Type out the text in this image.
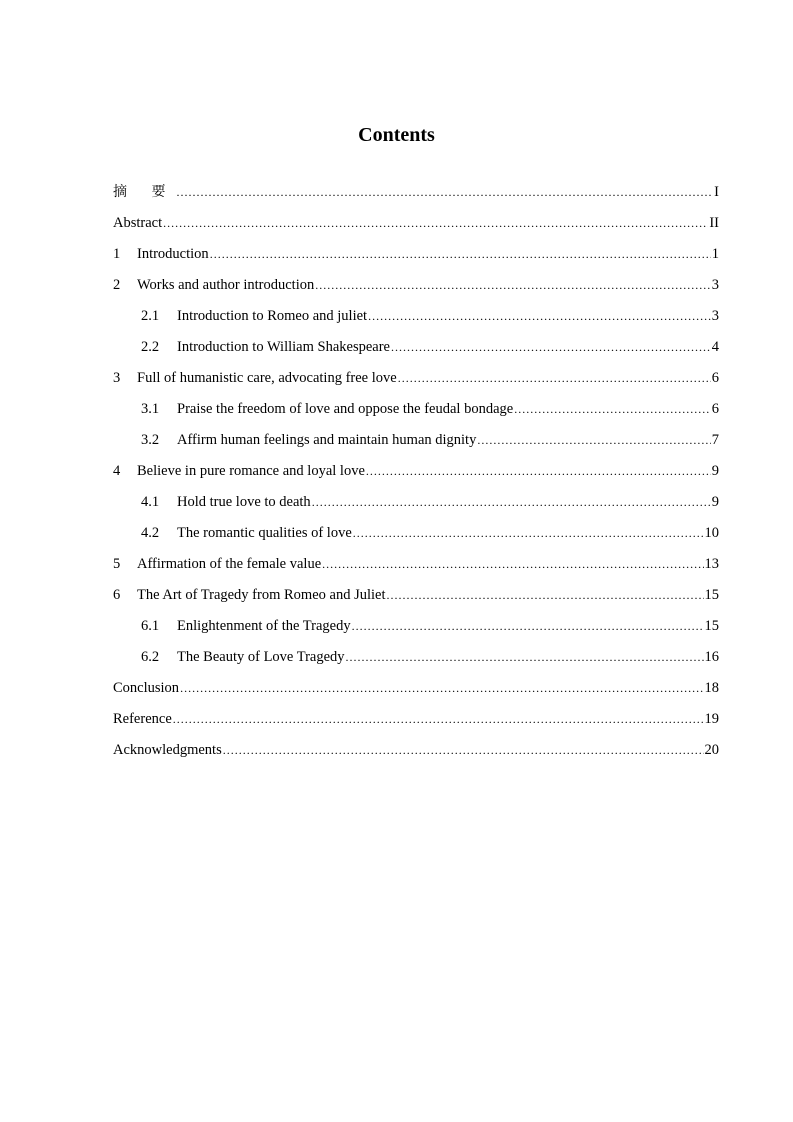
Contents
摘 要 .....	I
Abstract .....	II
1	Introduction .....	1
2	Works and author introduction .....	3
2.1	Introduction to Romeo and juliet .....	3
2.2	Introduction to William Shakespeare .....	4
3	Full of humanistic care, advocating free love .....	6
3.1	Praise the freedom of love and oppose the feudal bondage .....	6
3.2	Affirm human feelings and maintain human dignity .....	7
4	Believe in pure romance and loyal love .....	9
4.1	Hold true love to death .....	9
4.2	The romantic qualities of love .....	10
5	Affirmation of the female value .....	13
6	The Art of Tragedy from Romeo and Juliet .....	15
6.1	Enlightenment of the Tragedy .....	15
6.2	The Beauty of Love Tragedy .....	16
Conclusion .....	18
Reference .....	19
Acknowledgments .....	20
